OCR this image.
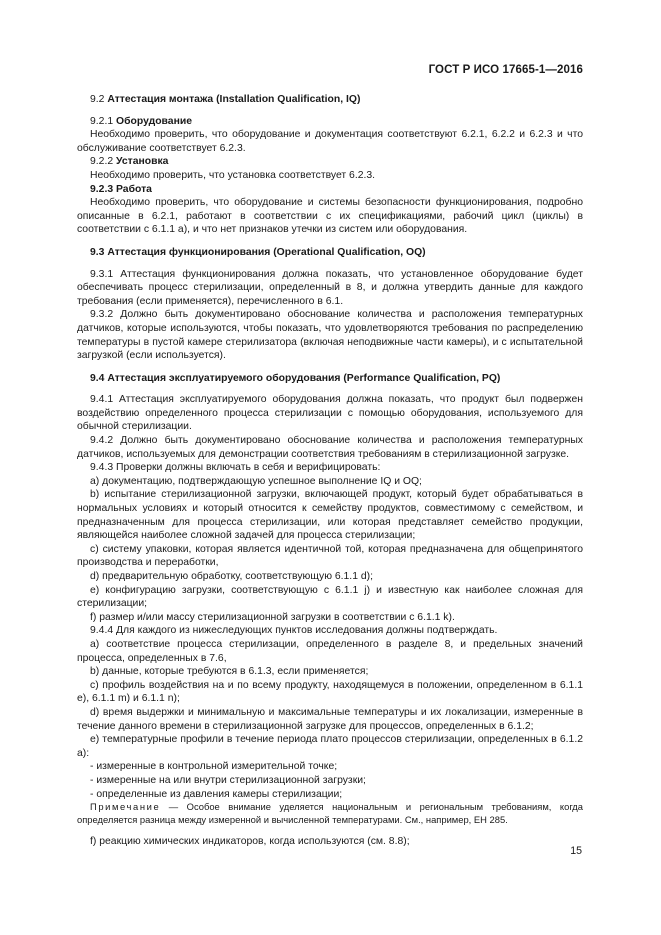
ГОСТ Р ИСО 17665-1—2016

9.2 Аттестация монтажа (Installation Qualification, IQ)

9.2.1 Оборудование

Необходимо проверить, что оборудование и документация соответствуют 6.2.1, 6.2.2 и 6.2.3 и что обслуживание соответствует 6.2.3.

9.2.2 Установка

Необходимо проверить, что установка соответствует 6.2.3.

9.2.3 Работа

Необходимо проверить, что оборудование и системы безопасности функционирования, подробно описанные в 6.2.1, работают в соответствии с их спецификациями, рабочий цикл (циклы) в соответствии с 6.1.1 а), и что нет признаков утечки из систем или оборудования.

9.3 Аттестация функционирования (Operational Qualification, OQ)

9.3.1 Аттестация функционирования должна показать, что установленное оборудование будет обеспечивать процесс стерилизации, определенный в 8, и должна утвердить данные для каждого требования (если применяется), перечисленного в 6.1.

9.3.2 Должно быть документировано обоснование количества и расположения температурных датчиков, которые используются, чтобы показать, что удовлетворяются требования по распределению температуры в пустой камере стерилизатора (включая неподвижные части камеры), и с испытательной загрузкой (если используется).

9.4 Аттестация эксплуатируемого оборудования (Performance Qualification, PQ)

9.4.1 Аттестация эксплуатируемого оборудования должна показать, что продукт был подвержен воздействию определенного процесса стерилизации с помощью оборудования, используемого для обычной стерилизации.

9.4.2 Должно быть документировано обоснование количества и расположения температурных датчиков, используемых для демонстрации соответствия требованиям в стерилизационной загрузке.

9.4.3 Проверки должны включать в себя и верифицировать:

а) документацию, подтверждающую успешное выполнение IQ и OQ;

b) испытание стерилизационной загрузки, включающей продукт, который будет обрабатываться в нормальных условиях и который относится к семейству продуктов, совместимому с семейством, и предназначенным для процесса стерилизации, или которая представляет семейство продукции, являющейся наиболее сложной задачей для процесса стерилизации;

с) систему упаковки, которая является идентичной той, которая предназначена для общепринятого производства и переработки,

d) предварительную обработку, соответствующую 6.1.1 d);

е) конфигурацию загрузки, соответствующую с 6.1.1 j) и известную как наиболее сложная для стерилизации;

f) размер и/или массу стерилизационной загрузки в соответствии с 6.1.1 k).

9.4.4 Для каждого из нижеследующих пунктов исследования должны подтверждать.

а) соответствие процесса стерилизации, определенного в разделе 8, и предельных значений процесса, определенных в 7.6,

b) данные, которые требуются в 6.1.3, если применяется;

с) профиль воздействия на и по всему продукту, находящемуся в положении, определенном в 6.1.1 е), 6.1.1 m) и 6.1.1 n);

d) время выдержки и минимальную и максимальные температуры и их локализации, измеренные в течение данного времени в стерилизационной загрузке для процессов, определенных в 6.1.2;

е) температурные профили в течение периода плато процессов стерилизации, определенных в 6.1.2 а):

- измеренные в контрольной измерительной точке;

- измеренные на или внутри стерилизационной загрузки;

- определенные из давления камеры стерилизации;

Примечание — Особое внимание уделяется национальным и региональным требованиям, когда определяется разница между измеренной и вычисленной температурами. См., например, ЕН 285.

f) реакцию химических индикаторов, когда используются (см. 8.8);

15
